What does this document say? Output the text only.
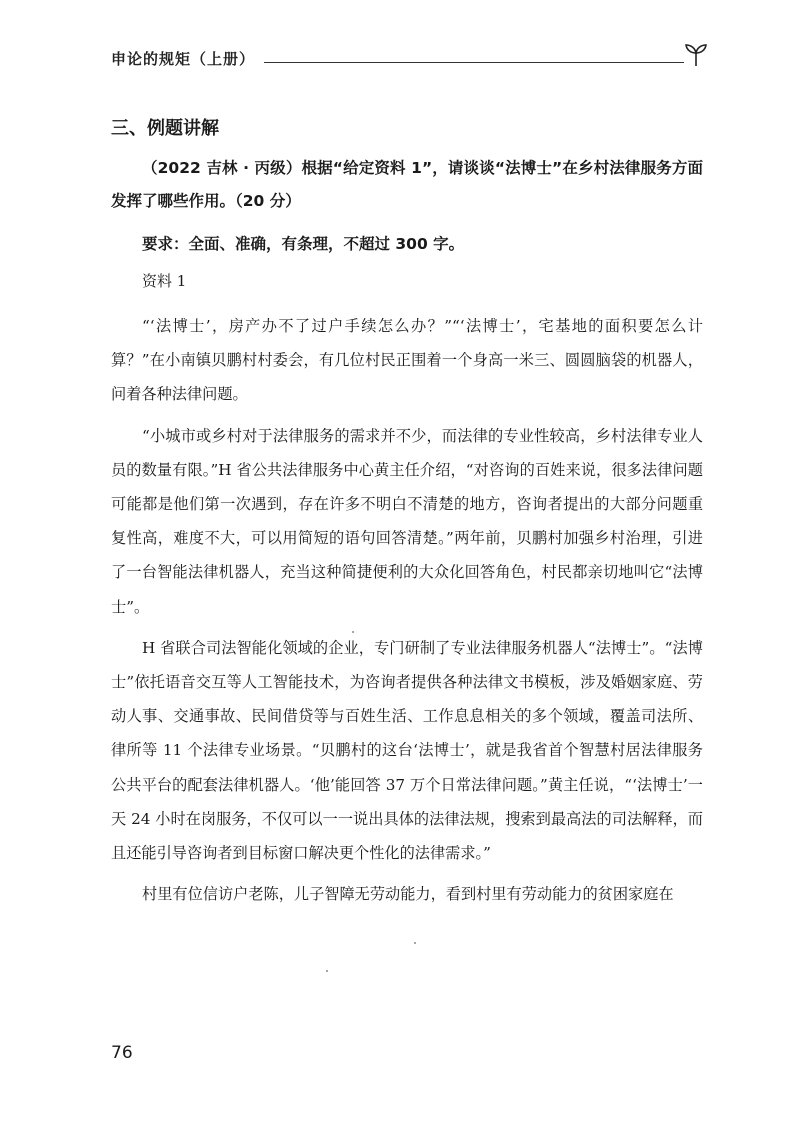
申论的规矩（上册）
三、例题讲解

（2022 吉林 · 丙级）根据“给定资料 1”，请谈谈“法博士”在乡村法律服务方面发挥了哪些作用。（20 分）

要求：全面、准确，有条理，不超过 300 字。
资料 1

“‘法博士’，房产办不了过户手续怎么办？”“‘法博士’，宅基地的面积要怎么计算？”在小南镇贝鹏村村委会，有几位村民正围着一个身高一米三、圆圆脑袋的机器人，问着各种法律问题。

“小城市或乡村对于法律服务的需求并不少，而法律的专业性较高，乡村法律专业人员的数量有限。”H 省公共法律服务中心黄主任介绍，“对咨询的百姓来说，很多法律问题可能都是他们第一次遇到，存在许多不明白不清楚的地方，咨询者提出的大部分问题重复性高，难度不大，可以用简短的语句回答清楚。”两年前，贝鹏村加强乡村治理，引进了一台智能法律机器人，充当这种简捷便利的大众化回答角色，村民都亲切地叫它“法博士”。

H 省联合司法智能化领域的企业，专门研制了专业法律服务机器人“法博士”。“法博士”依托语音交互等人工智能技术，为咨询者提供各种法律文书模板，涉及婚姻家庭、劳动人事、交通事故、民间借贷等与百姓生活、工作息息相关的多个领域，覆盖司法所、律所等 11 个法律专业场景。“贝鹏村的这台‘法博士’，就是我省首个智慧村居法律服务公共平台的配套法律机器人。‘他’能回答 37 万个日常法律问题。”黄主任说，“‘法博士’一天 24 小时在岗服务，不仅可以一一说出具体的法律法规，搜索到最高法的司法解释，而且还能引导咨询者到目标窗口解决更个性化的法律需求。”

村里有位信访户老陈，儿子智障无劳动能力，看到村里有劳动能力的贫困家庭在

76
